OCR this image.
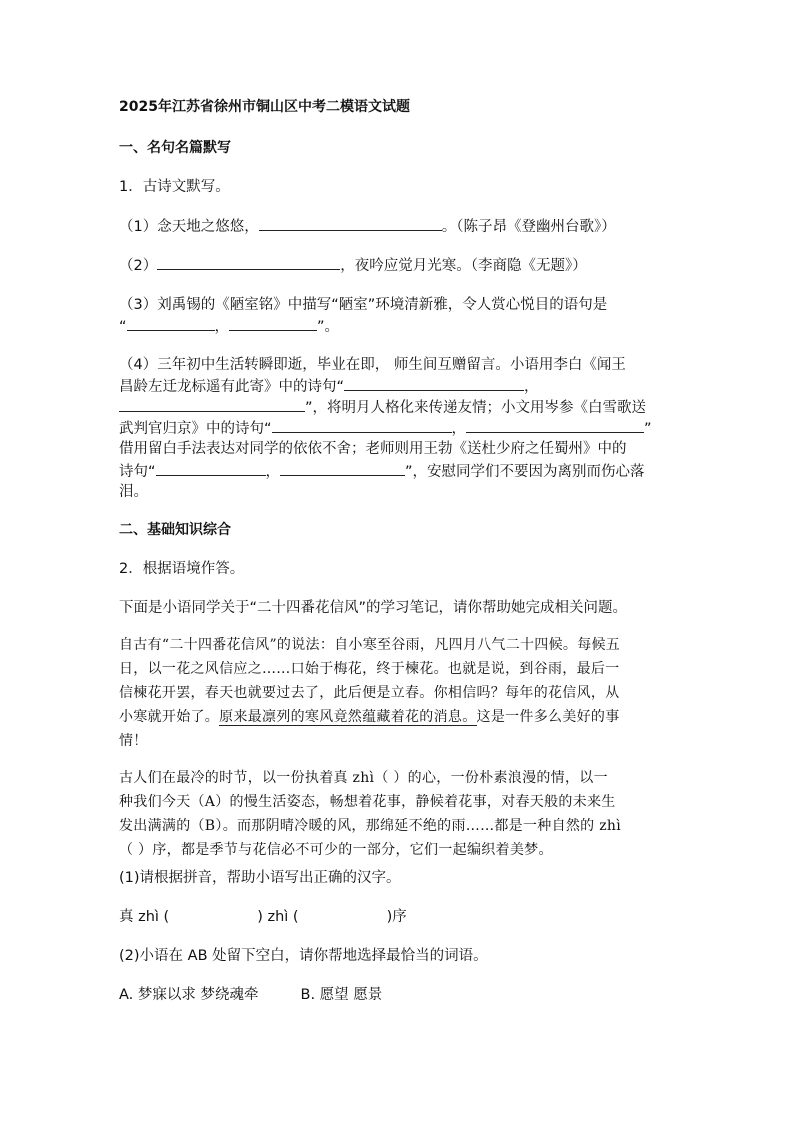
2025年江苏省徐州市铜山区中考二模语文试题
一、名句名篇默写
1．古诗文默写。
（1）念天地之悠悠，	。（陈子昂《登幽州台歌》）
（2）	，夜吟应觉月光寒。（李商隐《无题》）
（3）刘禹锡的《陋室铭》中描写“陋室”环境清新雅，令人赏心悦目的语句是
“	，	”。
（4）三年初中生活转瞬即逝，毕业在即， 师生间互赠留言。小语用李白《闻王
昌龄左迁龙标遥有此寄》中的诗句“	，
”，将明月人格化来传递友情；小文用岑参《白雪歌送
武判官归京》中的诗句“	，	”
借用留白手法表达对同学的依依不舍；老师则用王勃《送杜少府之任蜀州》中的
诗句“	，	”，安慰同学们不要因为离别而伤心落
泪。
二、基础知识综合
2．根据语境作答。
下面是小语同学关于“二十四番花信风”的学习笔记，请你帮助她完成相关问题。
自古有“二十四番花信风”的说法：自小寒至谷雨，凡四月八气二十四候。每候五
日，以一花之风信应之……口始于梅花，终于楝花。也就是说，到谷雨，最后一
信楝花开罢，春天也就要过去了，此后便是立春。你相信吗？每年的花信风，从
小寒就开始了。原来最凛列的寒风竟然蕴藏着花的消息。这是一件多么美好的事
情！
古人们在最冷的时节，以一份执着真 zhì（ ）的心，一份朴素浪漫的情，以一
种我们今天（A）的慢生活姿态，畅想着花事，静候着花事，对春天般的未来生
发出满满的（B）。而那阴晴冷暖的风，那绵延不绝的雨……都是一种自然的 zhì
（ ）序，都是季节与花信必不可少的一部分，它们一起编织着美梦。
(1)请根据拼音，帮助小语写出正确的汉字。
真 zhì (	) zhì (	)序
(2)小语在 AB 处留下空白，请你帮地选择最恰当的词语。
A. 梦寐以求 梦绕魂牵	B. 愿望 愿景
